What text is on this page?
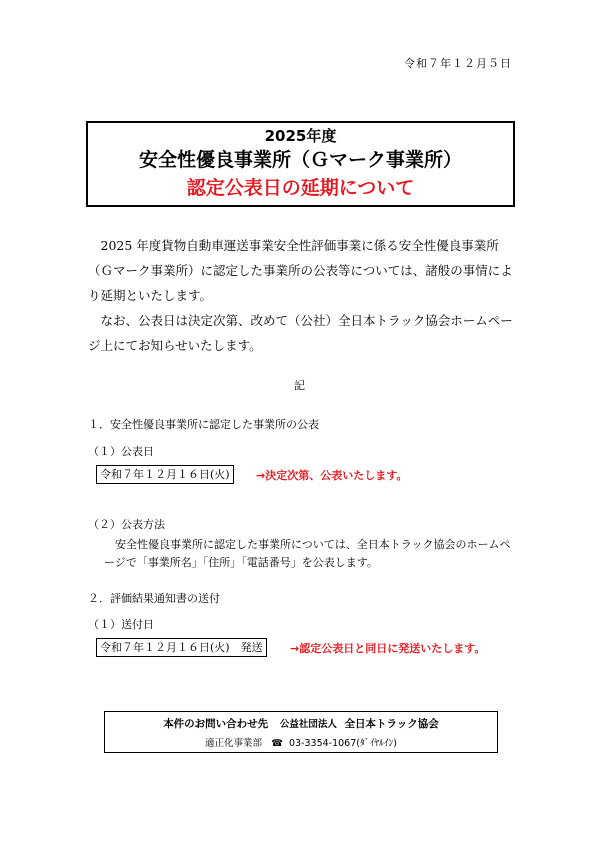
令和７年１２月５日
2025年度
安全性優良事業所（Ｇマーク事業所）
認定公表日の延期について
2025 年度貨物自動車運送事業安全性評価事業に係る安全性優良事業所（Ｇマーク事業所）に認定した事業所の公表等については、諸般の事情により延期といたします。
なお、公表日は決定次第、改めて（公社）全日本トラック協会ホームページ上にてお知らせいたします。
記
１．安全性優良事業所に認定した事業所の公表
（１）公表日
令和７年１２月１６日(火)	→決定次第、公表いたします。
（２）公表方法
安全性優良事業所に認定した事業所については、全日本トラック協会のホームページで「事業所名」「住所」「電話番号」を公表します。
２．評価結果通知書の送付
（１）送付日
令和７年１２月１６日(火)　発送	→認定公表日と同日に発送いたします。
本件のお問い合わせ先 公益社団法人 全日本トラック協会
適正化事業部 ☎ 03-3354-1067(ﾀﾞｲﾔﾙｲﾝ)
